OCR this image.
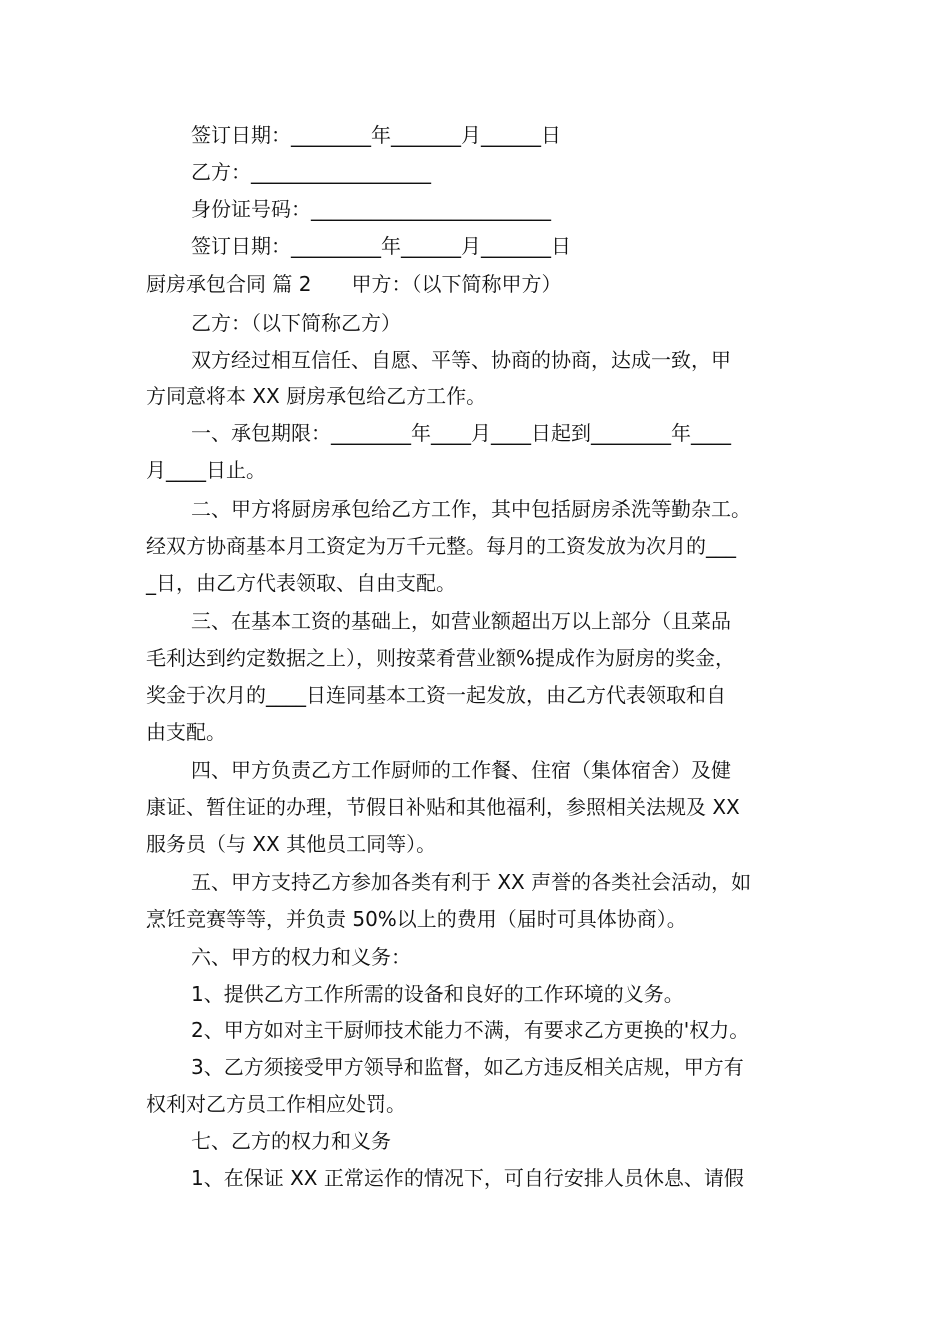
签订日期：________年_______月______日
乙方：__________________
身份证号码：________________________
签订日期：_________年______月_______日
厨房承包合同 篇 2　　甲方：（以下简称甲方）
乙方：（以下简称乙方）
双方经过相互信任、自愿、平等、协商的协商，达成一致，甲
方同意将本 XX 厨房承包给乙方工作。
一、承包期限：________年____月____日起到________年____
月____日止。
二、甲方将厨房承包给乙方工作，其中包括厨房杀洗等勤杂工。
经双方协商基本月工资定为万千元整。每月的工资发放为次月的___
_日，由乙方代表领取、自由支配。
三、在基本工资的基础上，如营业额超出万以上部分（且菜品
毛利达到约定数据之上），则按菜肴营业额%提成作为厨房的奖金，
奖金于次月的____日连同基本工资一起发放，由乙方代表领取和自
由支配。
四、甲方负责乙方工作厨师的工作餐、住宿（集体宿舍）及健
康证、暂住证的办理，节假日补贴和其他福利，参照相关法规及 XX
服务员（与 XX 其他员工同等）。
五、甲方支持乙方参加各类有利于 XX 声誉的各类社会活动，如
烹饪竞赛等等，并负责 50%以上的费用（届时可具体协商）。
六、甲方的权力和义务：
1、提供乙方工作所需的设备和良好的工作环境的义务。
2、甲方如对主干厨师技术能力不满，有要求乙方更换的'权力。
3、乙方须接受甲方领导和监督，如乙方违反相关店规，甲方有
权利对乙方员工作相应处罚。
七、乙方的权力和义务
1、在保证 XX 正常运作的情况下，可自行安排人员休息、请假
